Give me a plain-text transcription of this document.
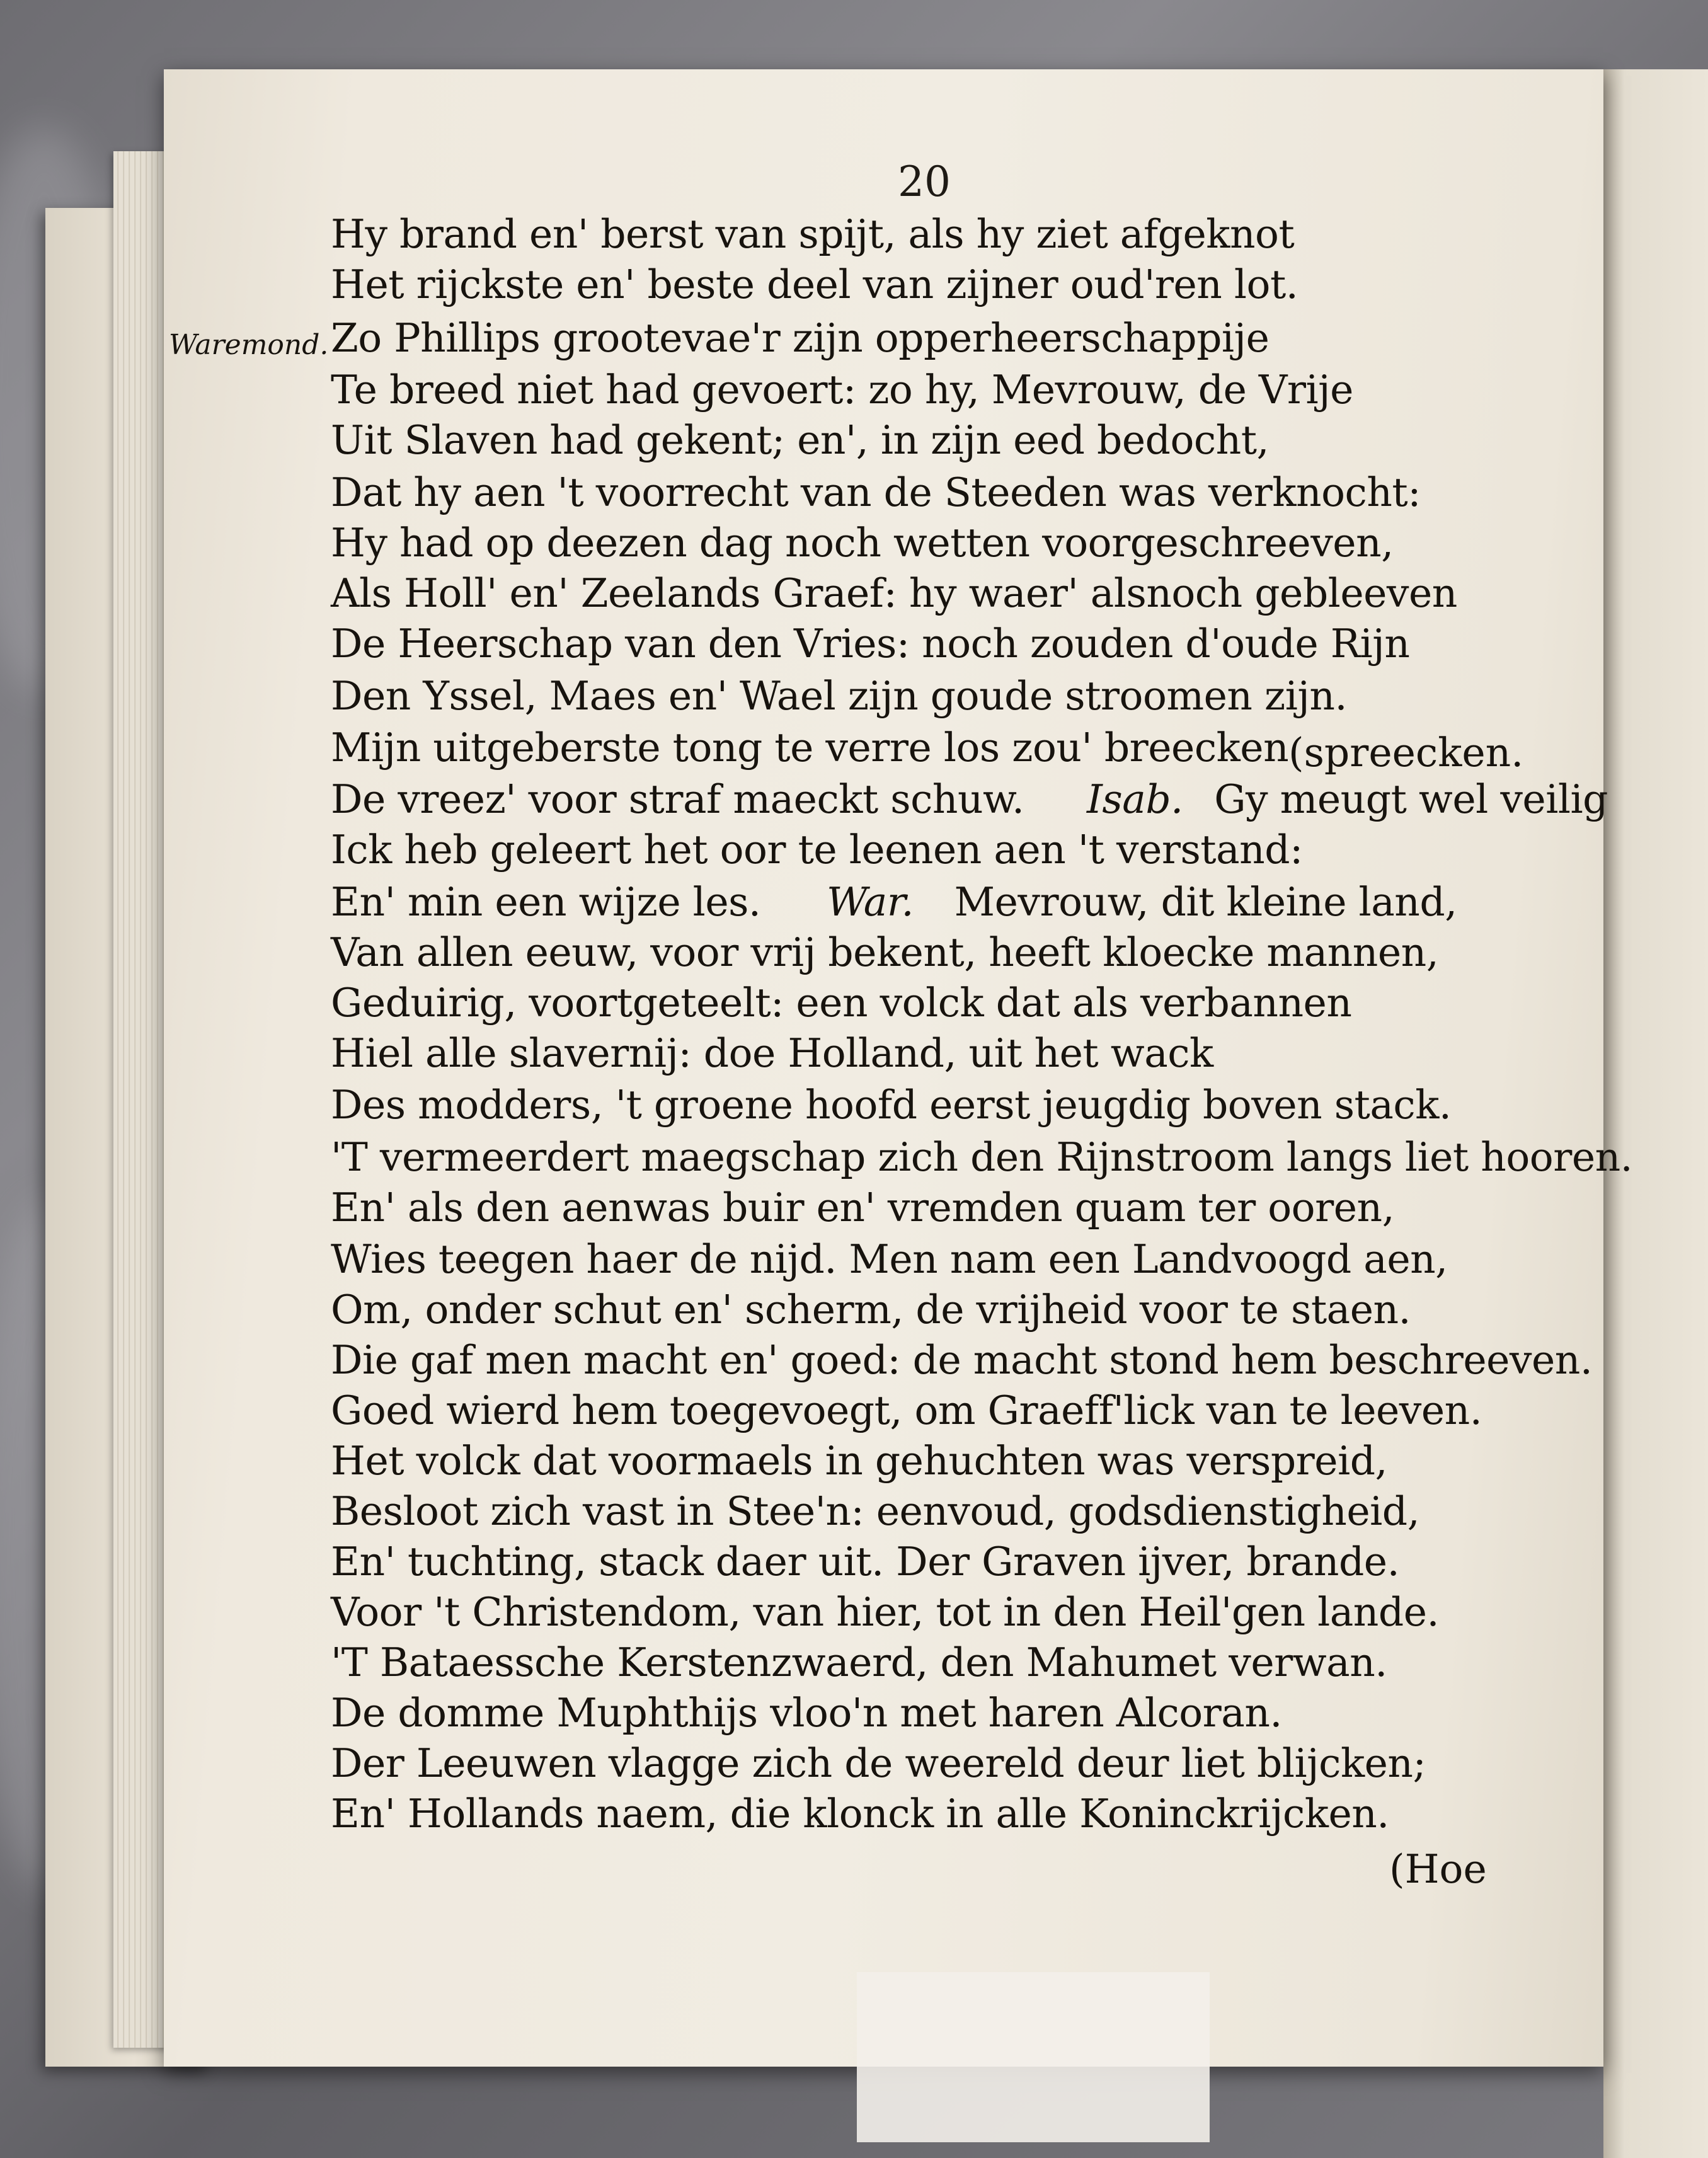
20
Waremond.
Hy brand en' berst van spijt, als hy ziet afgeknot
Het rijckste en' beste deel van zijner oud'ren lot.
Zo Phillips grootevae'r zijn opperheerschappije
Te breed niet had gevoert: zo hy, Mevrouw, de Vrije
Uit Slaven had gekent; en', in zijn eed bedocht,
Dat hy aen 't voorrecht van de Steeden was verknocht:
Hy had op deezen dag noch wetten voorgeschreeven,
Als Holl' en' Zeelands Graef: hy waer' alsnoch gebleeven
De Heerschap van den Vries: noch zouden d'oude Rijn
Den Yssel, Maes en' Wael zijn goude stroomen zijn.
Mijn uitgeberste tong te verre los zou' breecken (spreecken.
De vreez' voor straf maeckt schuw. Isab. Gy meugt wel veilig
Ick heb geleert het oor te leenen aen 't verstand:
En' min een wijze les. War. Mevrouw, dit kleine land,
Van allen eeuw, voor vrij bekent, heeft kloecke mannen,
Geduirig, voortgeteelt: een volck dat als verbannen
Hiel alle slavernij: doe Holland, uit het wack
Des modders, 't groene hoofd eerst jeugdig boven stack.
'T vermeerdert maegschap zich den Rijnstroom langs liet hooren.
En' als den aenwas buir en' vremden quam ter ooren,
Wies teegen haer de nijd. Men nam een Landvoogd aen,
Om, onder schut en' scherm, de vrijheid voor te staen.
Die gaf men macht en' goed: de macht stond hem beschreeven.
Goed wierd hem toegevoegt, om Graeff'lick van te leeven.
Het volck dat voormaels in gehuchten was verspreid,
Besloot zich vast in Stee'n: eenvoud, godsdienstigheid,
En' tuchting, stack daer uit. Der Graven ijver, brande.
Voor 't Christendom, van hier, tot in den Heil'gen lande.
'T Bataessche Kerstenzwaerd, den Mahumet verwan.
De domme Muphthijs vloo'n met haren Alcoran.
Der Leeuwen vlagge zich de weereld deur liet blijcken;
En' Hollands naem, die klonck in alle Koninckrijcken.
(Hoe
